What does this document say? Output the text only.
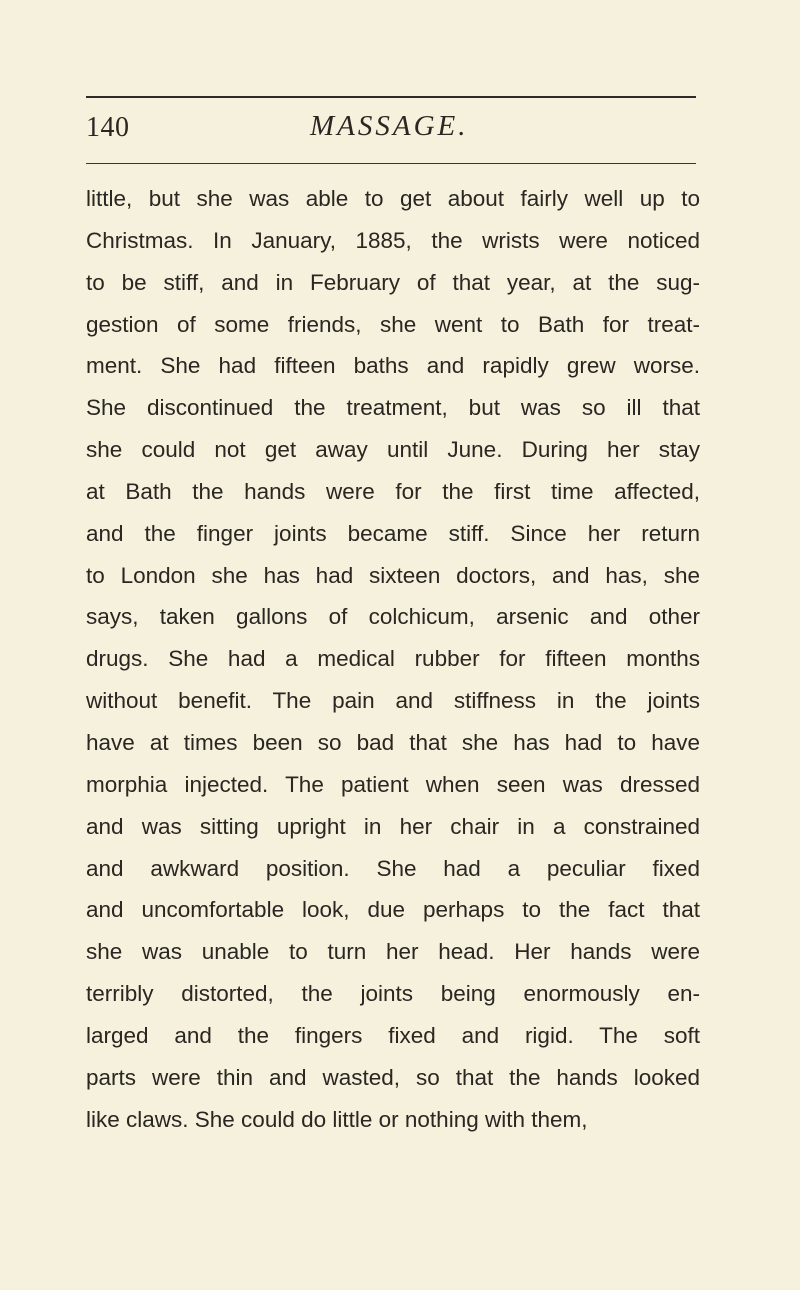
140	MASSAGE.
little, but she was able to get about fairly well up to
Christmas. In January, 1885, the wrists were noticed
to be stiff, and in February of that year, at the sug-
gestion of some friends, she went to Bath for treat-
ment. She had fifteen baths and rapidly grew worse.
She discontinued the treatment, but was so ill that
she could not get away until June. During her stay
at Bath the hands were for the first time affected,
and the finger joints became stiff. Since her return
to London she has had sixteen doctors, and has, she
says, taken gallons of colchicum, arsenic and other
drugs. She had a medical rubber for fifteen months
without benefit. The pain and stiffness in the joints
have at times been so bad that she has had to have
morphia injected. The patient when seen was dressed
and was sitting upright in her chair in a constrained
and awkward position. She had a peculiar fixed
and uncomfortable look, due perhaps to the fact that
she was unable to turn her head. Her hands were
terribly distorted, the joints being enormously en-
larged and the fingers fixed and rigid. The soft
parts were thin and wasted, so that the hands looked
like claws. She could do little or nothing with them,
